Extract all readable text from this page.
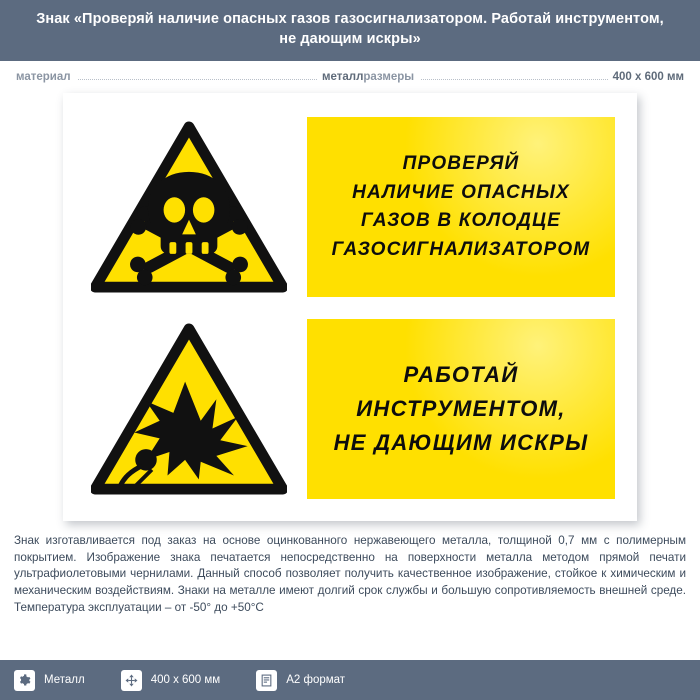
Знак «Проверяй наличие опасных газов газосигнализатором. Работай инструментом, не дающим искры»
материал	металл размеры	400 х 600 мм
ПРОВЕРЯЙ
НАЛИЧИЕ ОПАСНЫХ
ГАЗОВ В КОЛОДЦЕ
ГАЗОСИГНАЛИЗАТОРОМ
РАБОТАЙ
ИНСТРУМЕНТОМ,
НЕ ДАЮЩИМ ИСКРЫ
Знак изготавливается под заказ на основе оцинкованного нержавеющего металла, толщиной 0,7 мм с полимерным покрытием. Изображение знака печатается непосредственно на поверхности металла методом прямой печати ультрафиолетовыми чернилами. Данный способ позволяет получить качественное изображение, стойкое к химическим и механическим воздействиям. Знаки на металле имеют долгий срок службы и большую сопротивляемость внешней среде. Температура эксплуатации – от -50° до +50°С
Металл	400 х 600 мм	A2 формат
